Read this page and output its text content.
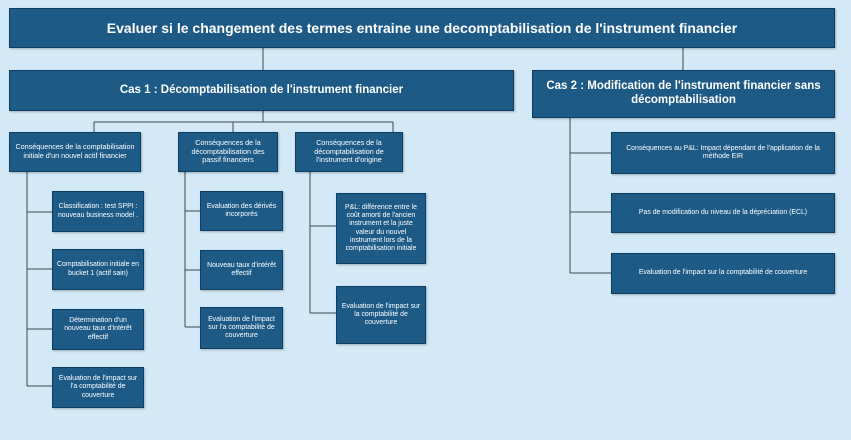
Evaluer si le changement des termes entraine une decomptabilisation de l'instrument financier
Cas 1 : Décomptabilisation de l'instrument financier
Conséquences de la comptabilisation initiale d'un nouvel actif financier
Conséquences de la décomptabilisation des passif financiers
Conséquences de la décomptabilisation de l'instrument d'origine
Classification : test SPPI : nouveau business model .
Comptabilisation initiale en bucket 1 (actif sain)
Détermination d'un nouveau taux d'intérêt effectif
Evaluation de l'impact sur l'a comptabilité de couverture
Evaluation des dérivés incorporés
Nouveau taux d'intérêt effectif
Evaluation de l'impact sur l'a comptabilité de couverture
P&L: différence entre le coût amorti de l'ancien instrument et la juste valeur du nouvel instrument lors de la comptabilisation initiale
Evaluation de l'impact sur la comptabilité de couverture
Cas 2 : Modification de l'instrument financier sans décomptabilisation
Conséquences au P&L: Impact dépendant de l'application de la méthode EIR
Pas de modification du niveau de la dépréciation (ECL)
Evaluation de l'impact sur la comptabilité de couverture
